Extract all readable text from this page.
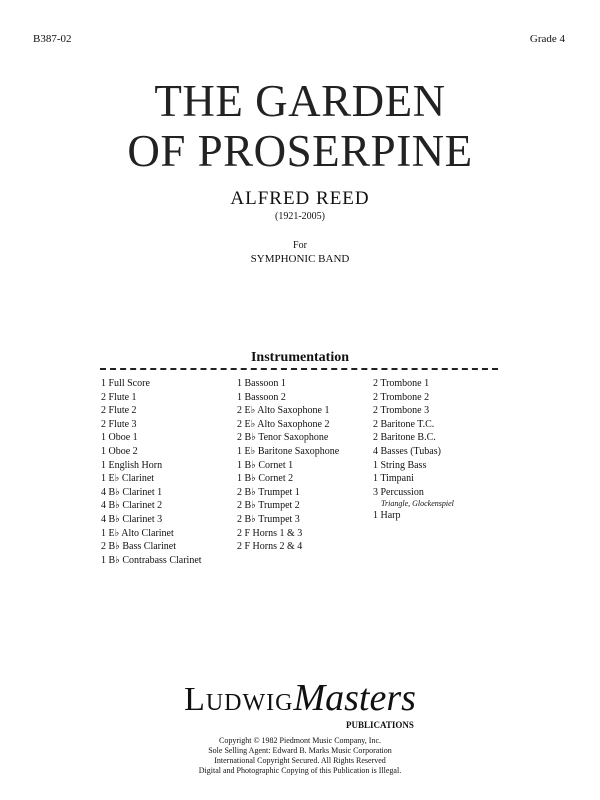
B387-02	Grade 4
THE GARDEN
OF PROSERPINE
ALFRED REED
(1921-2005)
For
SYMPHONIC BAND
Instrumentation
1 Full Score
2 Flute 1
2 Flute 2
2 Flute 3
1 Oboe 1
1 Oboe 2
1 English Horn
1 E♭ Clarinet
4 B♭ Clarinet 1
4 B♭ Clarinet 2
4 B♭ Clarinet 3
1 E♭ Alto Clarinet
2 B♭ Bass Clarinet
1 B♭ Contrabass Clarinet
1 Bassoon 1
1 Bassoon 2
2 E♭ Alto Saxophone 1
2 E♭ Alto Saxophone 2
2 B♭ Tenor Saxophone
1 E♭ Baritone Saxophone
1 B♭ Cornet 1
1 B♭ Cornet 2
2 B♭ Trumpet 1
2 B♭ Trumpet 2
2 B♭ Trumpet 3
2 F Horns 1 & 3
2 F Horns 2 & 4
2 Trombone 1
2 Trombone 2
2 Trombone 3
2 Baritone T.C.
2 Baritone B.C.
4 Basses (Tubas)
1 String Bass
1 Timpani
3 Percussion
Triangle, Glockenspiel
1 Harp
LudwigMasters
PUBLICATIONS
Copyright © 1982 Piedmont Music Company, Inc.
Sole Selling Agent: Edward B. Marks Music Corporation
International Copyright Secured. All Rights Reserved
Digital and Photographic Copying of this Publication is Illegal.
